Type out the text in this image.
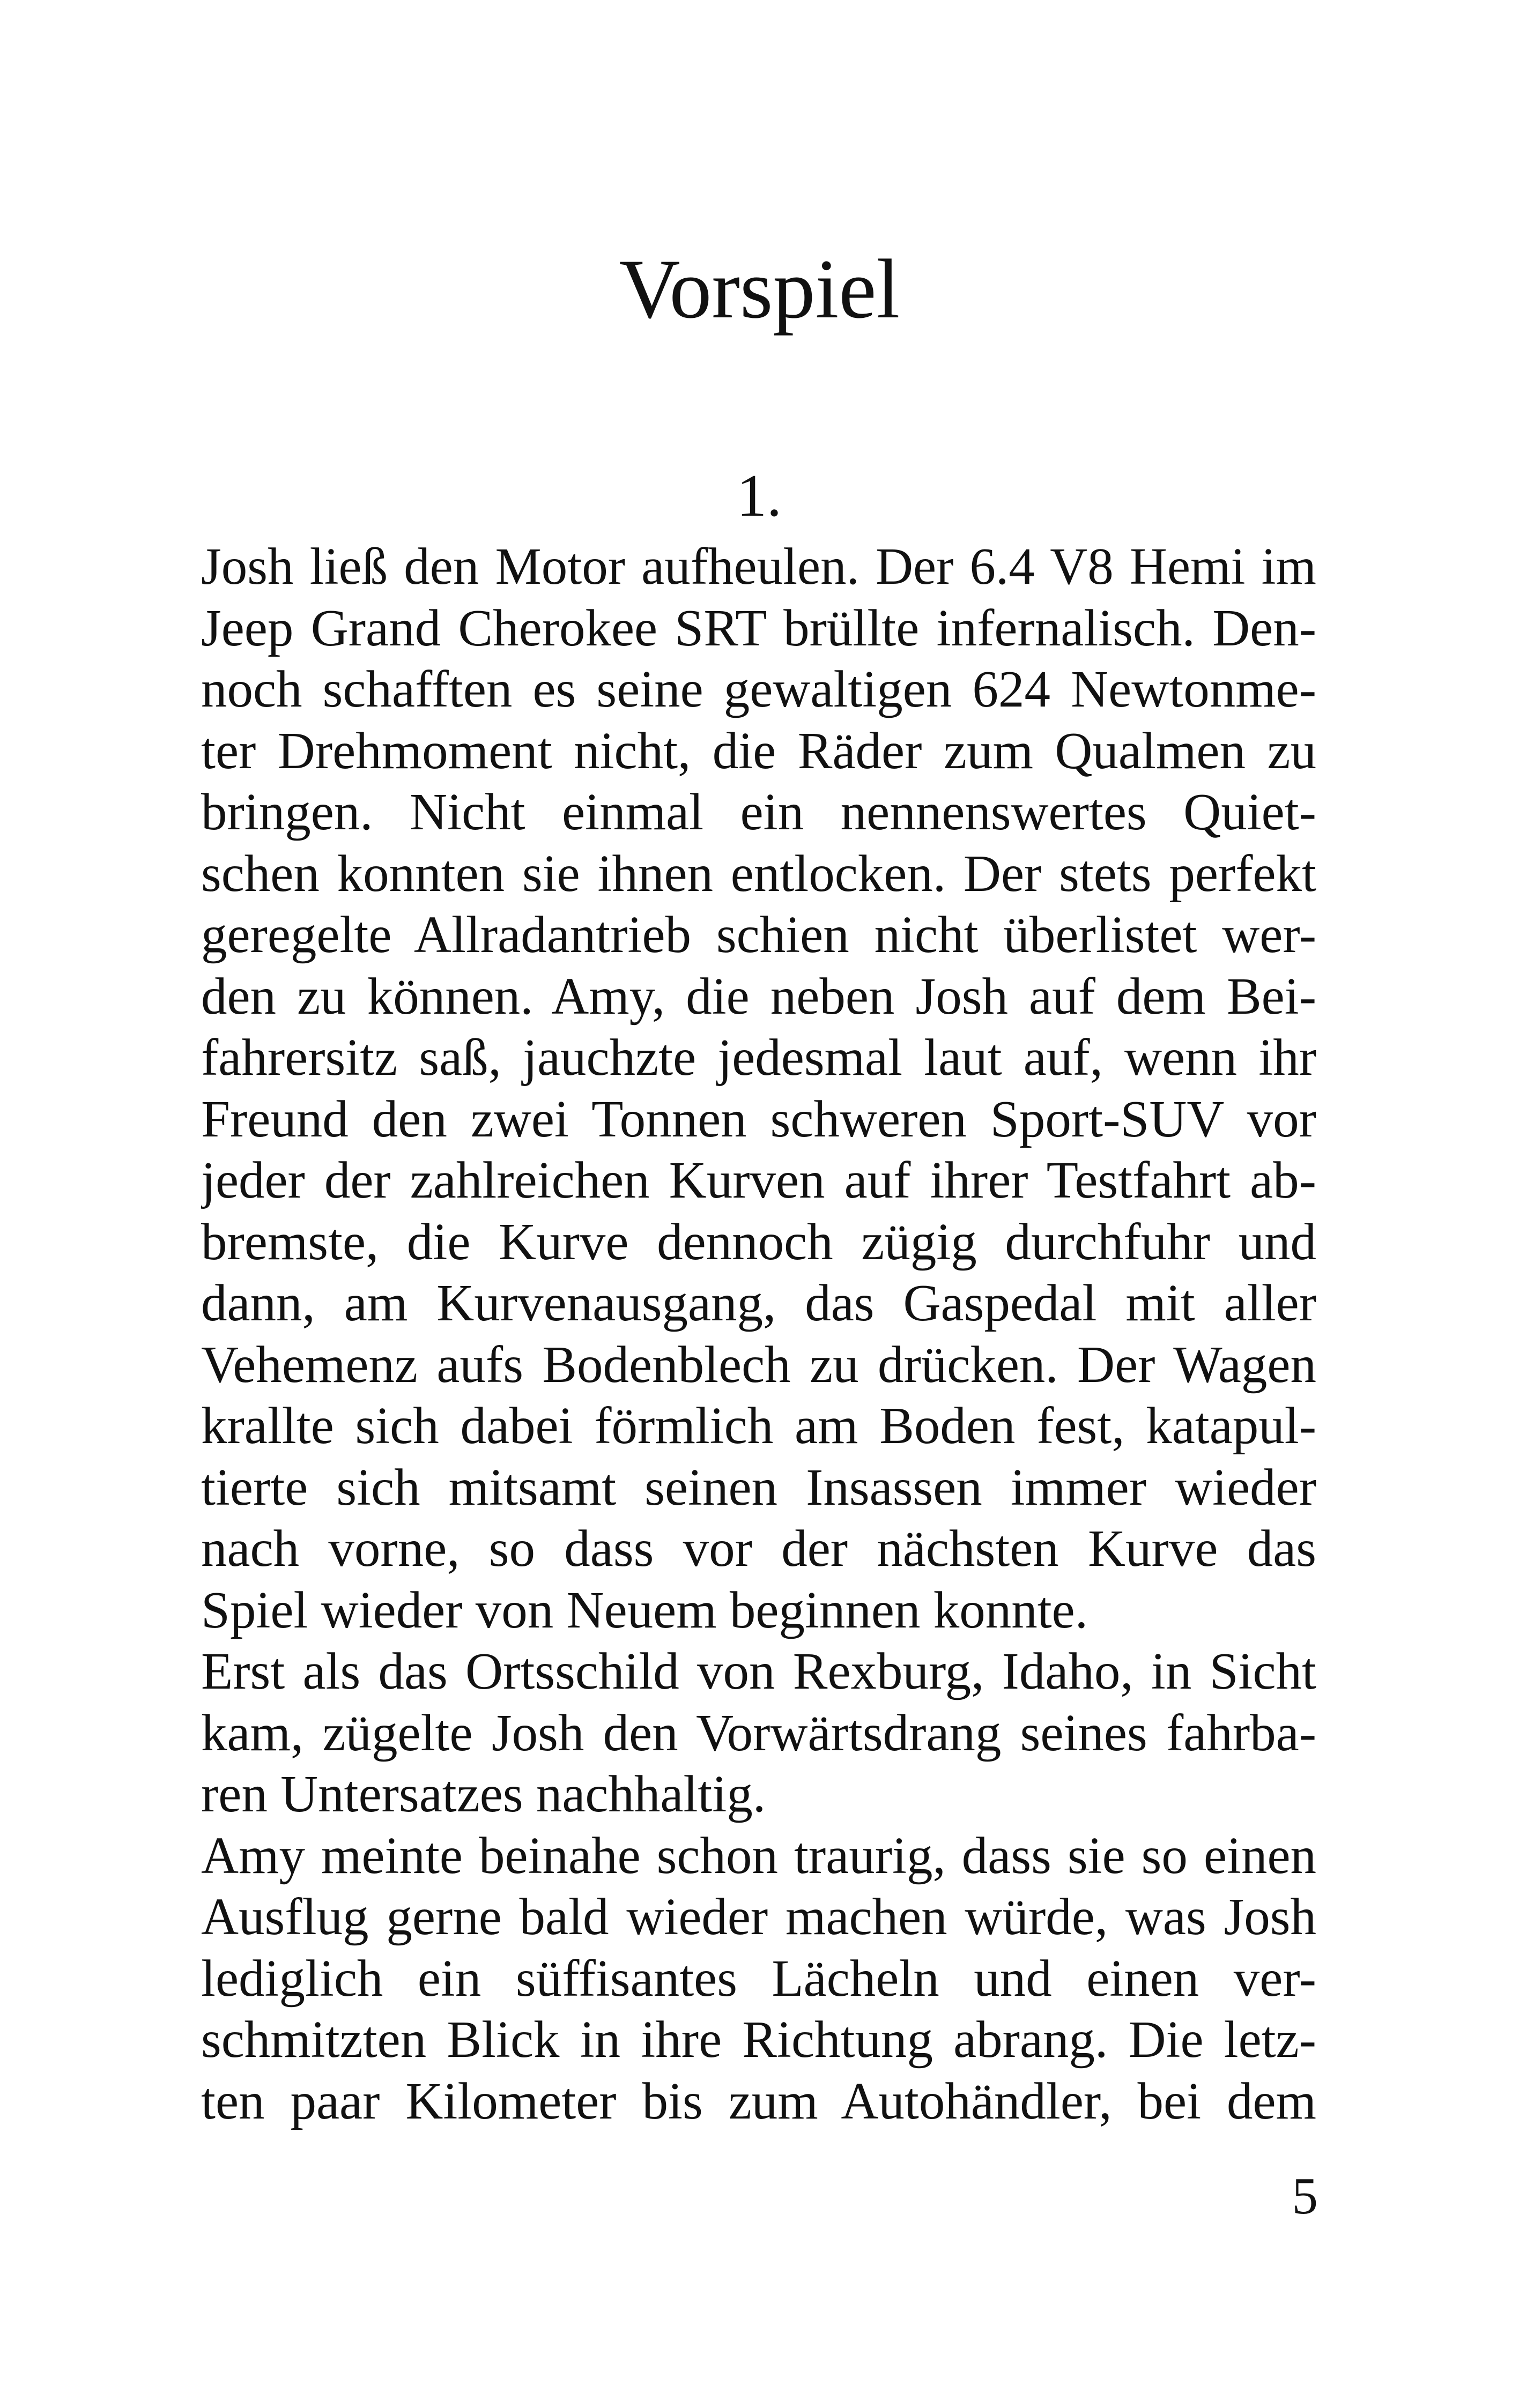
Vorspiel
1.
Josh ließ den Motor aufheulen. Der 6.4 V8 Hemi im
Jeep Grand Cherokee SRT brüllte infernalisch. Den-
noch schafften es seine gewaltigen 624 Newtonme-
ter Drehmoment nicht, die Räder zum Qualmen zu
bringen. Nicht einmal ein nennenswertes Quiet-
schen konnten sie ihnen entlocken. Der stets perfekt
geregelte Allradantrieb schien nicht überlistet wer-
den zu können. Amy, die neben Josh auf dem Bei-
fahrersitz saß, jauchzte jedesmal laut auf, wenn ihr
Freund den zwei Tonnen schweren Sport-SUV vor
jeder der zahlreichen Kurven auf ihrer Testfahrt ab-
bremste, die Kurve dennoch zügig durchfuhr und
dann, am Kurvenausgang, das Gaspedal mit aller
Vehemenz aufs Bodenblech zu drücken. Der Wagen
krallte sich dabei förmlich am Boden fest, katapul-
tierte sich mitsamt seinen Insassen immer wieder
nach vorne, so dass vor der nächsten Kurve das
Spiel wieder von Neuem beginnen konnte.
Erst als das Ortsschild von Rexburg, Idaho, in Sicht
kam, zügelte Josh den Vorwärtsdrang seines fahrba-
ren Untersatzes nachhaltig.
Amy meinte beinahe schon traurig, dass sie so einen
Ausflug gerne bald wieder machen würde, was Josh
lediglich ein süffisantes Lächeln und einen ver-
schmitzten Blick in ihre Richtung abrang. Die letz-
ten paar Kilometer bis zum Autohändler, bei dem
5
